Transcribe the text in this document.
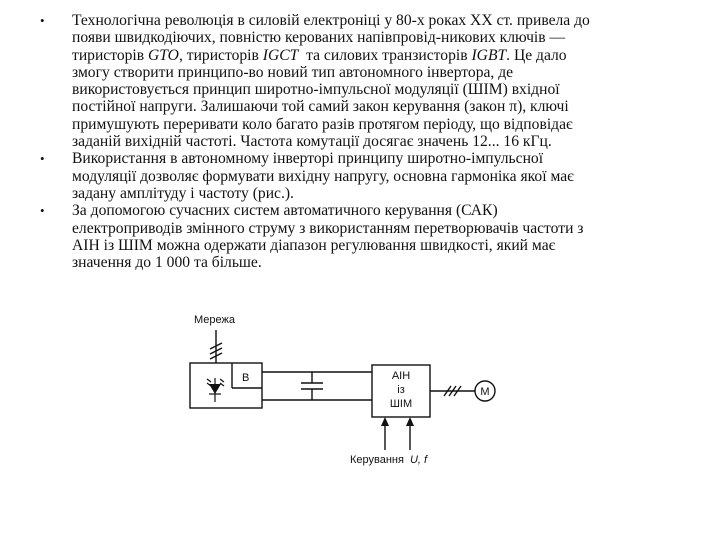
• Технологічна революція в силовій електроніці у 80-х роках XX ст. привела до
появи швидкодіючих, повністю керованих напівпровід-никових ключів —
тиристорів GTO, тиристорів IGCT  та силових транзисторів IGBT. Це дало
змогу створити принципо-во новий тип автономного інвертора, де
використовується принцип широтно-імпульсної модуляції (ШІМ) вхідної
постійної напруги. Залишаючи той самий закон керування (закон π), ключі
примушують переривати коло багато разів протягом періоду, що відповідає
заданій вихідній частоті. Частота комутації досягає значень 12... 16 кГц.
• Використання в автономному інверторі принципу широтно-імпульсної
модуляції дозволяє формувати вихідну напругу, основна гармоніка якої має
задану амплітуду і частоту (рис.).
• За допомогою сучасних систем автоматичного керування (САК)
електроприводів змінного струму з використанням перетворювачів частоти з
АІН із ШІМ можна одержати діапазон регулювання швидкості, який має
значення до 1 000 та більше.
Мережа
В	АІН
із
ШІМ
М
Керування U, f
